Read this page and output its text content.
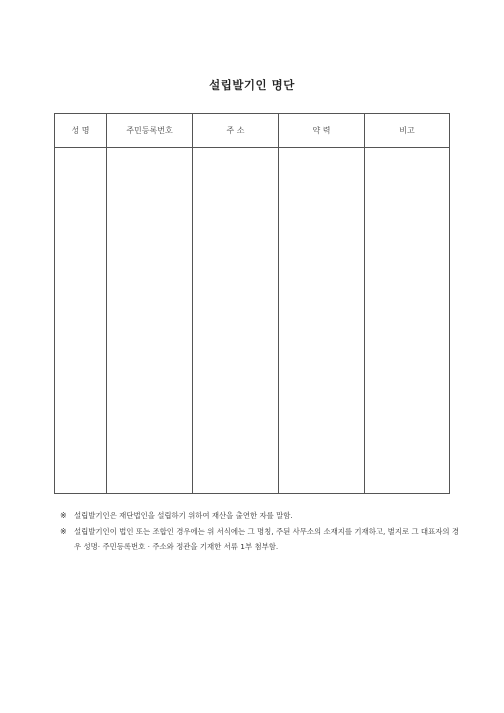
설립발기인 명단
성 명	주민등록번호	주 소	약 력	비고

※ 설립발기인은 재단법인을 설립하기 위하여 재산을 출연한 자를 말함.
※ 설립발기인이 법인 또는 조합인 경우에는 위 서식에는 그 명칭, 주된 사무소의 소재지를 기재하고, 별지로 그 대표자의 경우 성명· 주민등록번호 · 주소와 정관을 기재한 서류 1부 첨부함.
